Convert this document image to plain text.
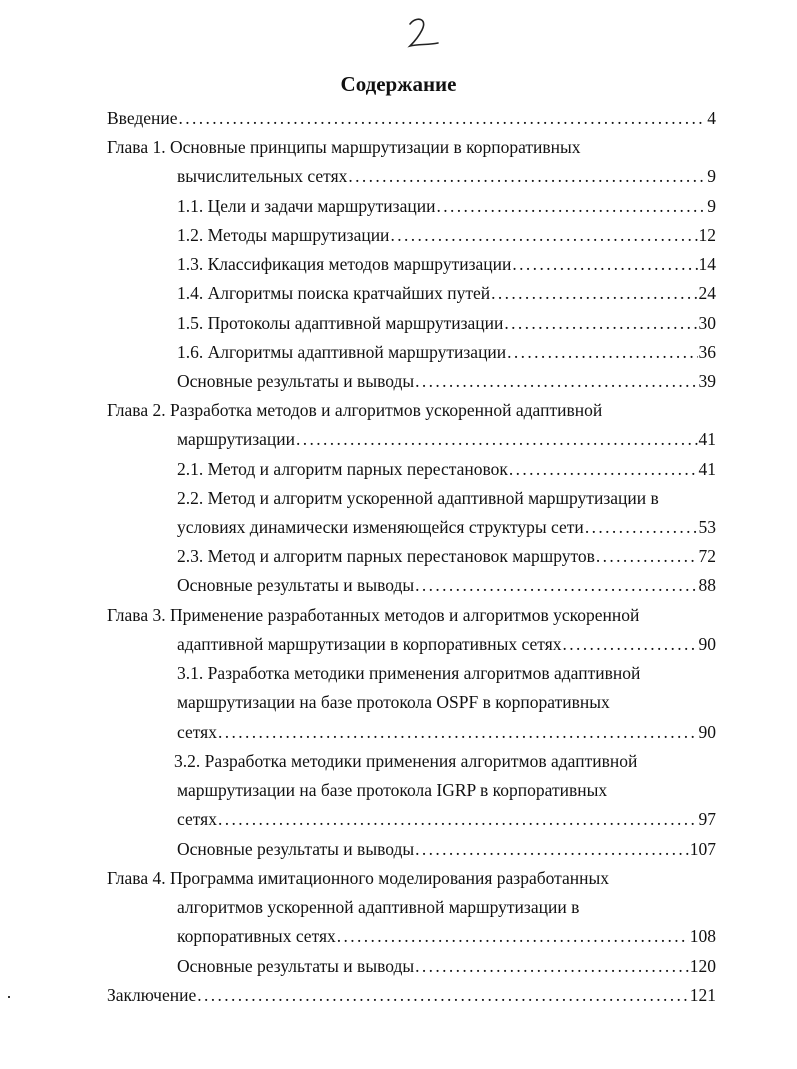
2
Содержание
Введение . . .	4
Глава 1. Основные принципы маршрутизации в корпоративных
вычислительных сетях . . .	9
1.1. Цели и задачи маршрутизации . . .	9
1.2. Методы маршрутизации . . .	12
1.3. Классификация методов маршрутизации . . .	14
1.4. Алгоритмы поиска кратчайших путей . . .	24
1.5. Протоколы адаптивной маршрутизации . . .	30
1.6. Алгоритмы адаптивной маршрутизации . . .	36
Основные результаты и выводы . . .	39
Глава 2. Разработка методов и алгоритмов ускоренной адаптивной
маршрутизации . . .	41
2.1. Метод и алгоритм парных перестановок . . .	41
2.2. Метод и алгоритм ускоренной адаптивной маршрутизации в
условиях динамически изменяющейся структуры сети . . .	53
2.3. Метод и алгоритм парных перестановок маршрутов . . .	72
Основные результаты и выводы . . .	88
Глава 3. Применение разработанных методов и алгоритмов ускоренной
адаптивной маршрутизации в корпоративных сетях . . .	90
3.1. Разработка методики применения алгоритмов адаптивной
маршрутизации на базе протокола OSPF в корпоративных
сетях . . .	90
3.2. Разработка методики применения алгоритмов адаптивной
маршрутизации на базе протокола IGRP в корпоративных
сетях . . .	97
Основные результаты и выводы . . .	107
Глава 4. Программа имитационного моделирования разработанных
алгоритмов ускоренной адаптивной маршрутизации в
корпоративных сетях . . .	108
Основные результаты и выводы . . .	120
Заключение . . .	121
